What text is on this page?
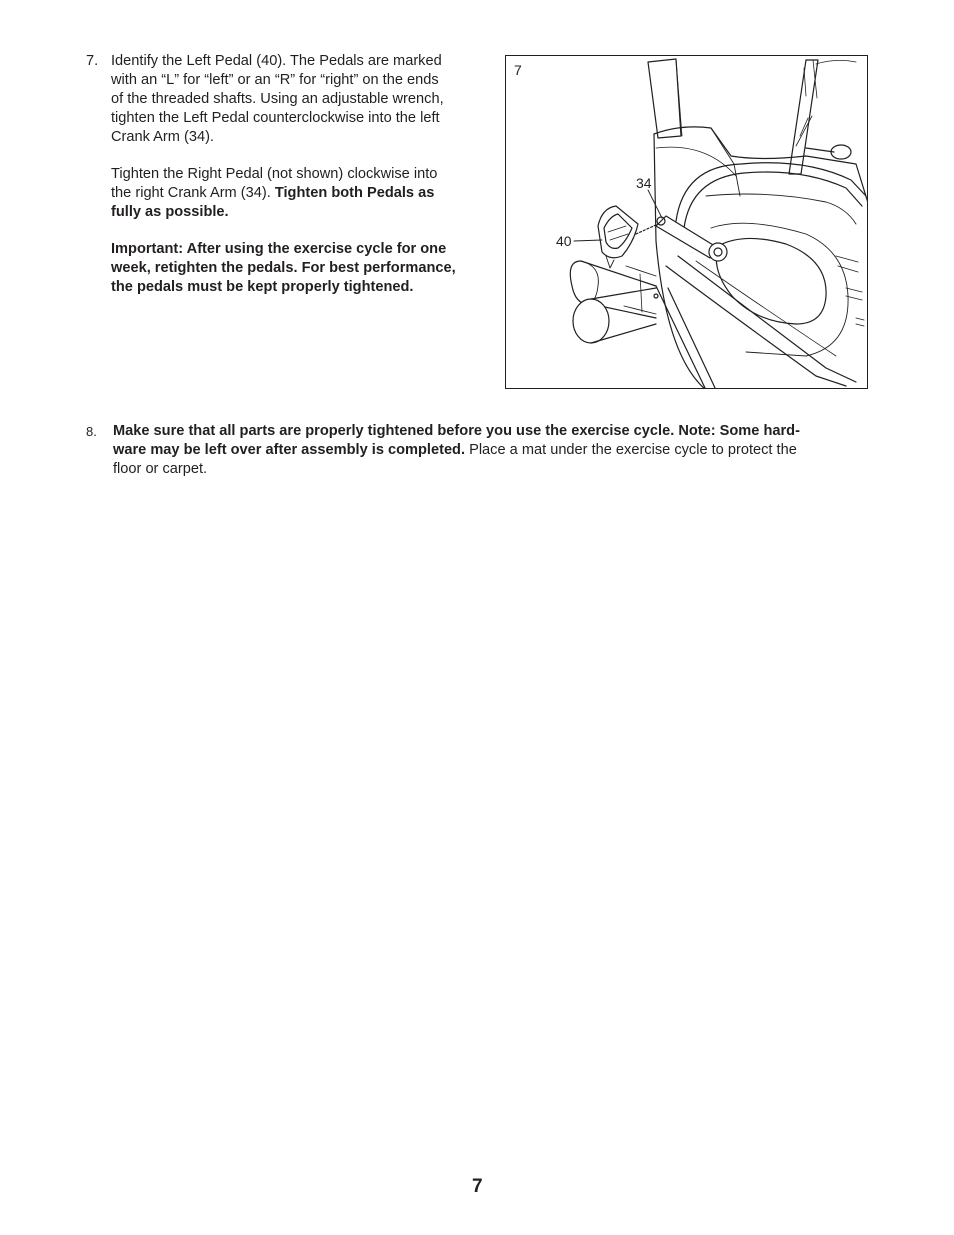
7. Identify the Left Pedal (40). The Pedals are marked
with an “L” for “left” or an “R” for “right” on the ends
of the threaded shafts. Using an adjustable wrench,
tighten the Left Pedal counterclockwise into the left
Crank Arm (34).

Tighten the Right Pedal (not shown) clockwise into
the right Crank Arm (34). Tighten both Pedals as
fully as possible.

Important: After using the exercise cycle for one
week, retighten the pedals. For best performance,
the pedals must be kept properly tightened.

7
34
40
8. Make sure that all parts are properly tightened before you use the exercise cycle. Note: Some hard-
ware may be left over after assembly is completed. Place a mat under the exercise cycle to protect the
floor or carpet.
7
